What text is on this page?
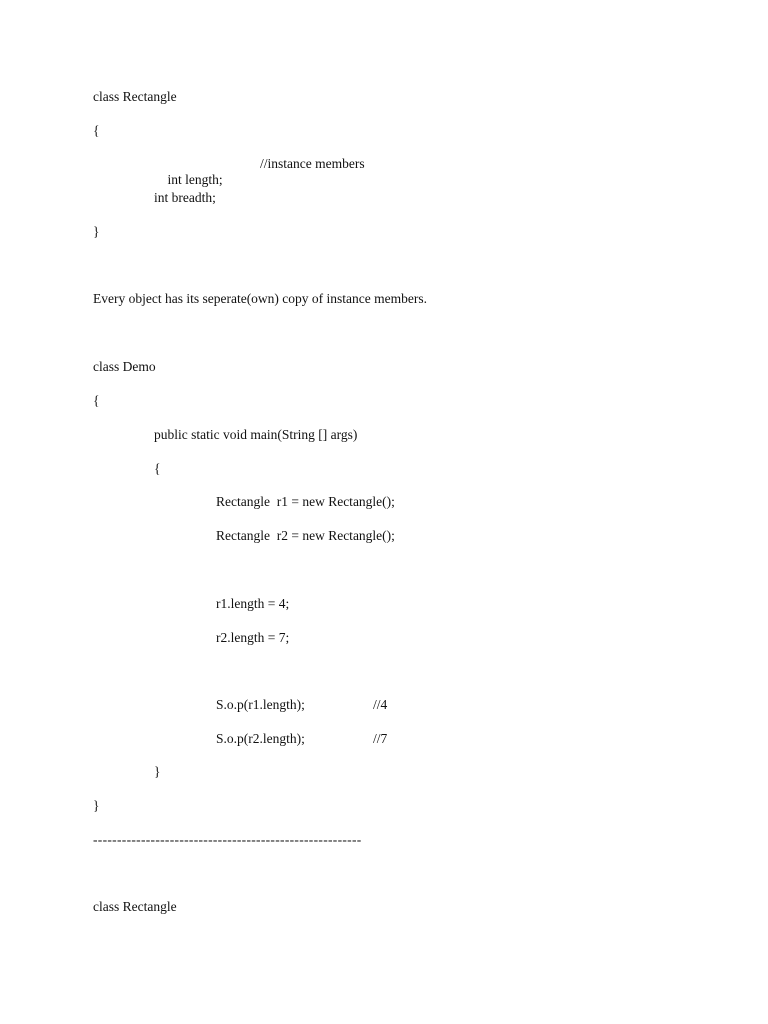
class Rectangle
{

int length;

//instance members
int breadth;
}
Every object has its seperate(own) copy of instance members.
class Demo
{
public static void main(String [] args)
{
Rectangle  r1 = new Rectangle();
Rectangle  r2 = new Rectangle();
r1.length = 4;
r2.length = 7;
S.o.p(r1.length);	//4
S.o.p(r2.length);	//7
}
}
--------------------------------------------------------
class Rectangle
